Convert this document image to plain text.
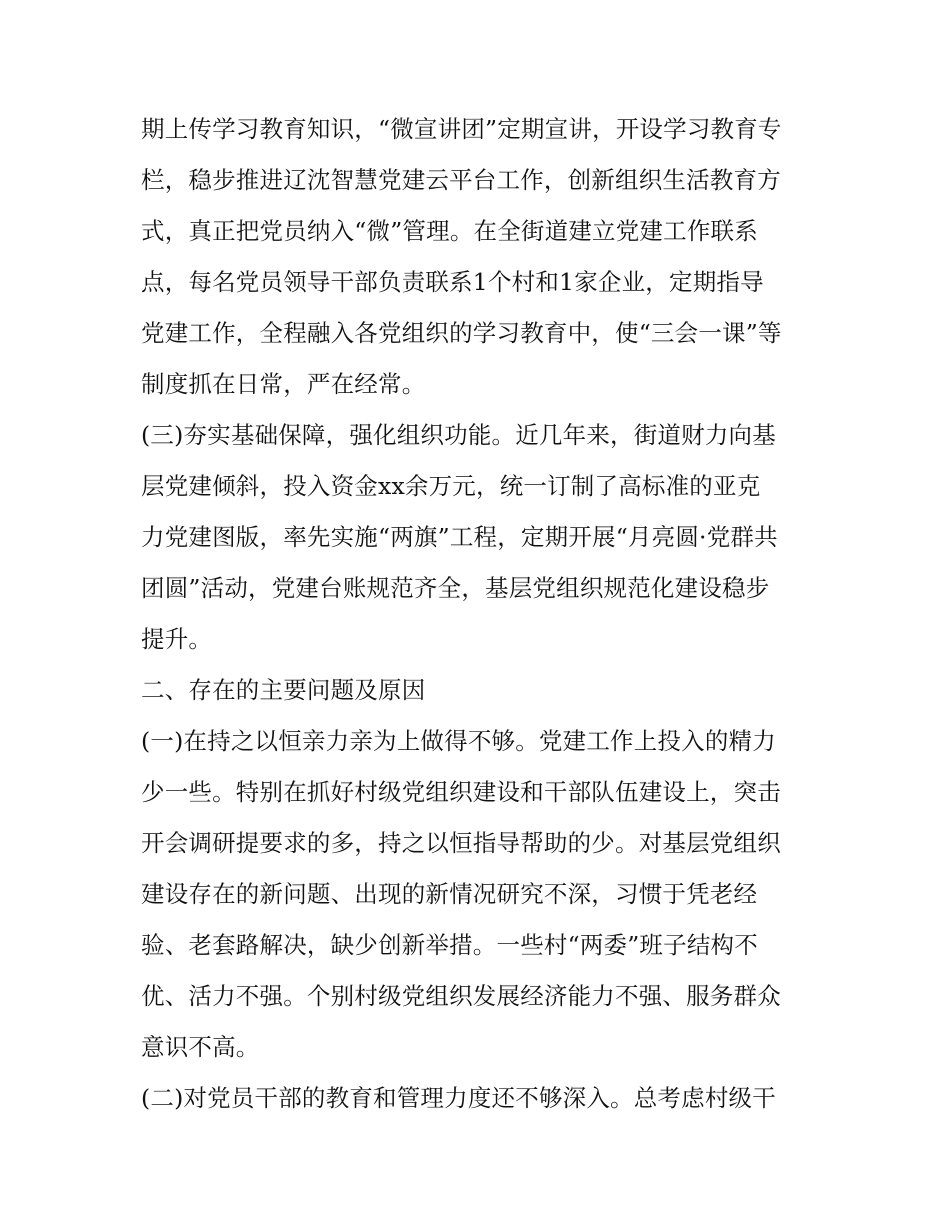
期上传学习教育知识，“微宣讲团”定期宣讲，开设学习教育专
栏，稳步推进辽沈智慧党建云平台工作，创新组织生活教育方
式，真正把党员纳入“微”管理。在全街道建立党建工作联系
点，每名党员领导干部负责联系1个村和1家企业，定期指导
党建工作，全程融入各党组织的学习教育中，使“三会一课”等
制度抓在日常，严在经常。
(三)夯实基础保障，强化组织功能。近几年来，街道财力向基
层党建倾斜，投入资金xx余万元，统一订制了高标准的亚克
力党建图版，率先实施“两旗”工程，定期开展“月亮圆·党群共
团圆”活动，党建台账规范齐全，基层党组织规范化建设稳步
提升。
二、存在的主要问题及原因
(一)在持之以恒亲力亲为上做得不够。党建工作上投入的精力
少一些。特别在抓好村级党组织建设和干部队伍建设上，突击
开会调研提要求的多，持之以恒指导帮助的少。对基层党组织
建设存在的新问题、出现的新情况研究不深，习惯于凭老经
验、老套路解决，缺少创新举措。一些村“两委”班子结构不
优、活力不强。个别村级党组织发展经济能力不强、服务群众
意识不高。
(二)对党员干部的教育和管理力度还不够深入。总考虑村级干
